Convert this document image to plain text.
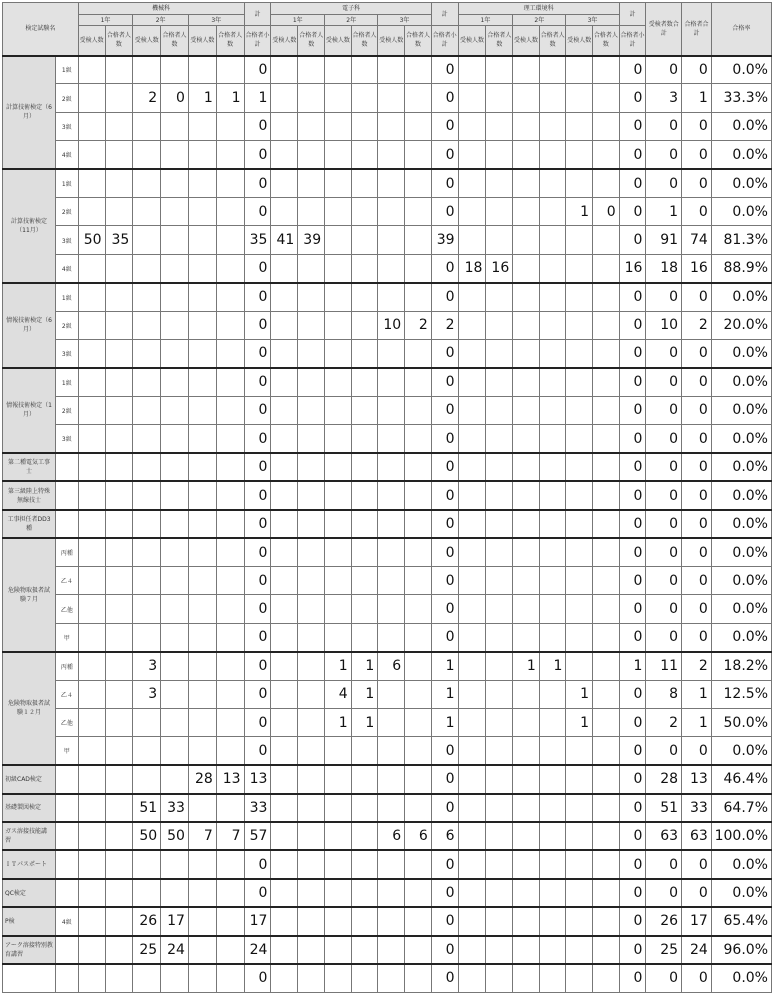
検定試験名		機械科						計	電子科						計	理工環境科						計	受検者数合計	合格者合計	合格率
		1年		2年		3年			1年		2年		3年			1年		2年		3年					
		受検人数	合格者人数	受検人数	合格者人数	受検人数	合格者人数	合格者小計	受検人数	合格者人数	受検人数	合格者人数	受検人数	合格者人数	合格者小計	受検人数	合格者人数	受検人数	合格者人数	受検人数	合格者人数	合格者小計			
計算技術検定（6月）	1級							0							0							0	0	0	0.0%
	2級			2	0	1	1	1							0							0	3	1	33.3%
	3級							0							0							0	0	0	0.0%
	4級							0							0							0	0	0	0.0%
計算技術検定（11月）	1級							0							0							0	0	0	0.0%
	2級							0							0					1	0	0	1	0	0.0%
	3級	50	35					35	41	39					39							0	91	74	81.3%
	4級							0							0	18	16					16	18	16	88.9%
情報技術検定（6月）	1級							0							0							0	0	0	0.0%
	2級							0					10	2	2							0	10	2	20.0%
	3級							0							0							0	0	0	0.0%
情報技術検定（1月）	1級							0							0							0	0	0	0.0%
	2級							0							0							0	0	0	0.0%
	3級							0							0							0	0	0	0.0%
第二種電気工事士								0							0							0	0	0	0.0%
第三級陸上特殊無線技士								0							0							0	0	0	0.0%
工事担任者DD3種								0							0							0	0	0	0.0%
危険物取扱者試験７月	丙種							0							0							0	0	0	0.0%
	乙４							0							0							0	0	0	0.0%
	乙他							0							0							0	0	0	0.0%
	甲							0							0							0	0	0	0.0%
危険物取扱者試験１２月	丙種			3				0			1	1	6		1			1	1			1	11	2	18.2%
	乙４			3				0			4	1			1					1		0	8	1	12.5%
	乙他							0			1	1			1					1		0	2	1	50.0%
	甲							0							0							0	0	0	0.0%
初級CAD検定						28	13	13							0							0	28	13	46.4%
基礎製図検定				51	33			33							0							0	51	33	64.7%
ガス溶接技能講習				50	50	7	7	57					6	6	6							0	63	63	100.0%
ＩＴパスポート								0							0							0	0	0	0.0%
QC検定								0							0							0	0	0	0.0%
P検	4級			26	17			17							0							0	26	17	65.4%
アーク溶接特別教育講習				25	24			24							0							0	25	24	96.0%
								0							0							0	0	0	0.0%
